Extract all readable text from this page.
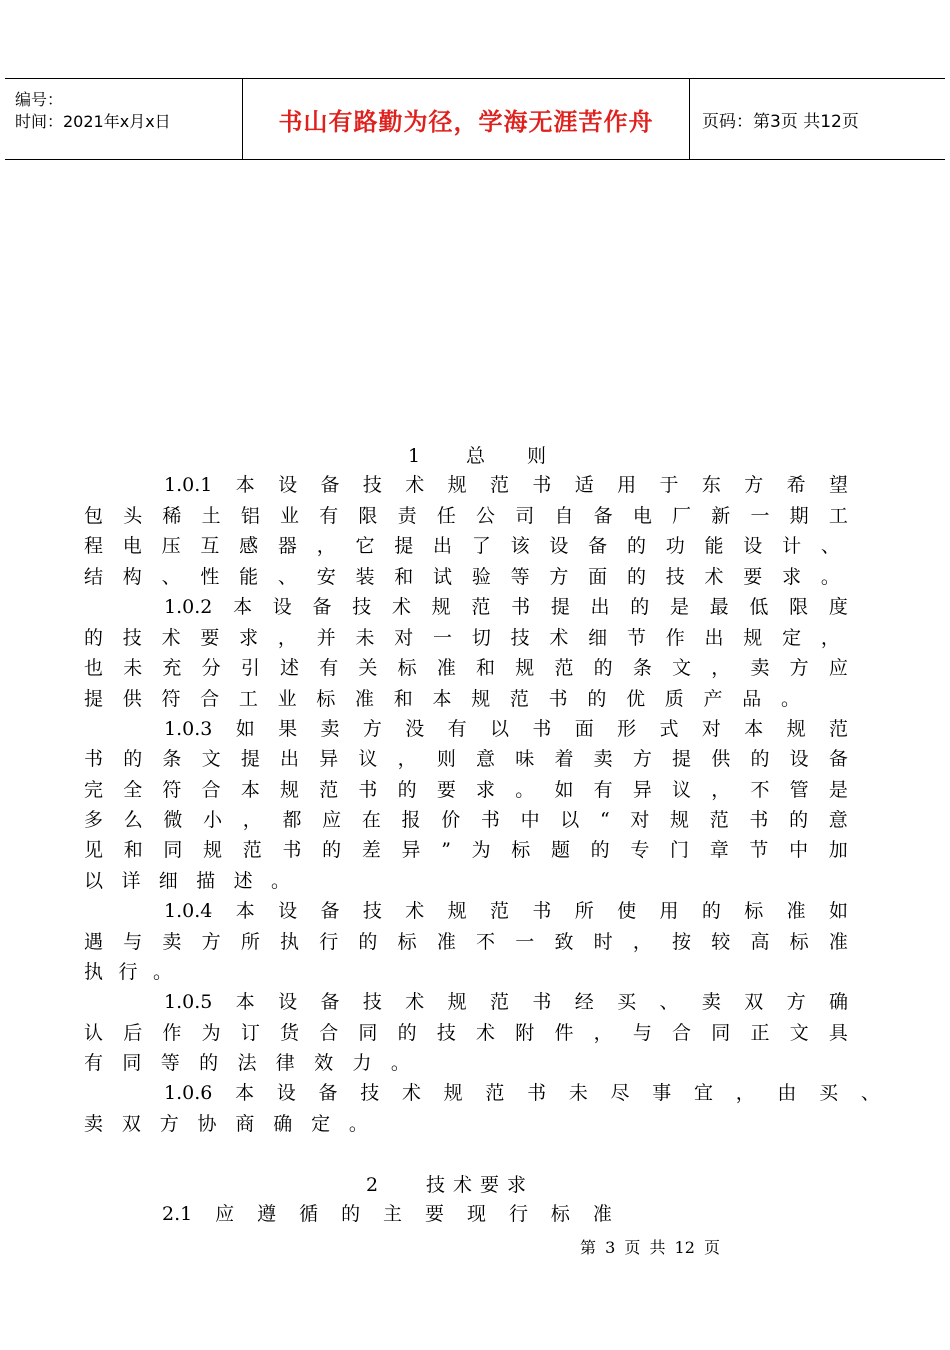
编号：
时间：2021年x月x日	书山有路勤为径，学海无涯苦作舟	页码：第3页 共12页
1 总 则
1.0.1 本 设 备 技 术 规 范 书 适 用 于 东 方 希 望
包 头 稀 土 铝 业 有 限 责 任 公 司 自 备 电 厂 新 一 期 工
程 电 压 互 感 器 ， 它 提 出 了 该 设 备 的 功 能 设 计 、
结 构 、 性 能 、 安 装 和 试 验 等 方 面 的 技 术 要 求 。
1.0.2 本 设 备 技 术 规 范 书 提 出 的 是 最 低 限 度
的 技 术 要 求 ， 并 未 对 一 切 技 术 细 节 作 出 规 定 ，
也 未 充 分 引 述 有 关 标 准 和 规 范 的 条 文 ， 卖 方 应
提 供 符 合 工 业 标 准 和 本 规 范 书 的 优 质 产 品 。
1.0.3 如 果 卖 方 没 有 以 书 面 形 式 对 本 规 范
书 的 条 文 提 出 异 议 ， 则 意 味 着 卖 方 提 供 的 设 备
完 全 符 合 本 规 范 书 的 要 求 。 如 有 异 议 ， 不 管 是
多 么 微 小 ， 都 应 在 报 价 书 中 以 “ 对 规 范 书 的 意
见 和 同 规 范 书 的 差 异 ” 为 标 题 的 专 门 章 节 中 加
以 详 细 描 述 。
1.0.4 本 设 备 技 术 规 范 书 所 使 用 的 标 准 如
遇 与 卖 方 所 执 行 的 标 准 不 一 致 时 ， 按 较 高 标 准
执 行 。
1.0.5 本 设 备 技 术 规 范 书 经 买 、 卖 双 方 确
认 后 作 为 订 货 合 同 的 技 术 附 件 ， 与 合 同 正 文 具
有 同 等 的 法 律 效 力 。
1.0.6 本 设 备 技 术 规 范 书 未 尽 事 宜 ， 由 买 、
卖 双 方 协 商 确 定 。
2	技术要求
2.1 应 遵 循 的 主 要 现 行 标 准
第 3 页 共 12 页
